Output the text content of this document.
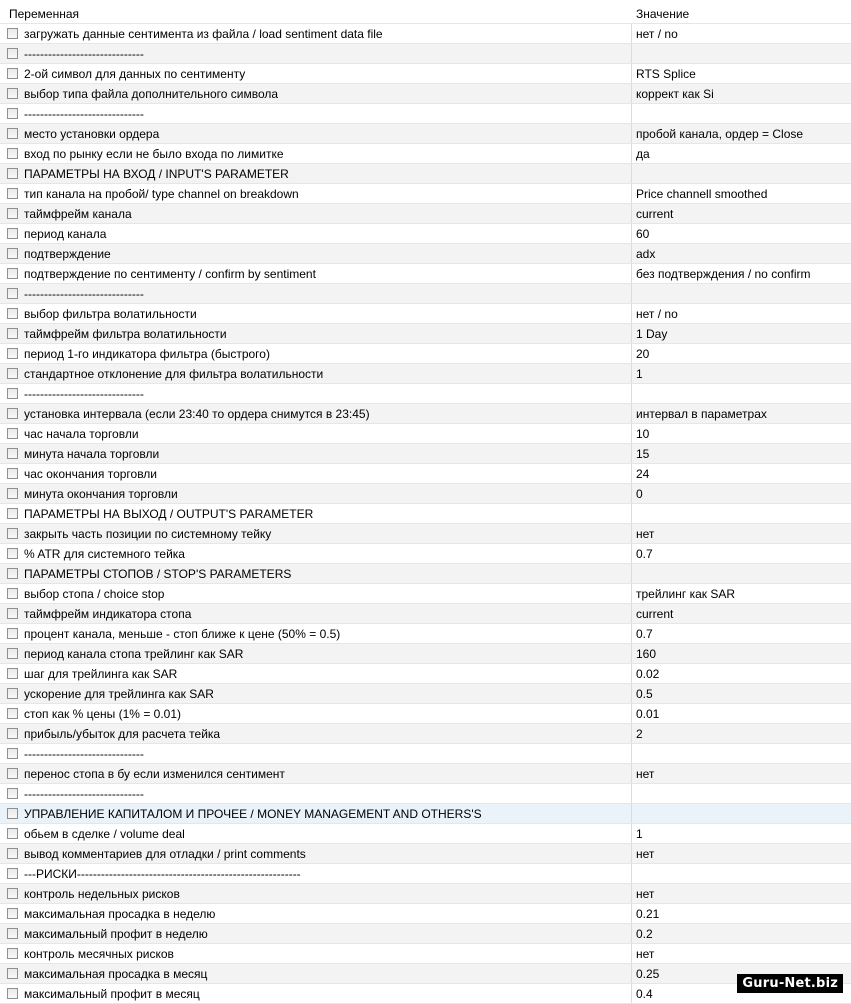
Переменная	Значение
загружать данные сентимента из файла / load sentiment data file	нет / no
------------------------------
2-ой символ для данных по сентименту	RTS Splice
выбор типа файла дополнительного символа	коррект как Si
------------------------------
место установки ордера	пробой канала, ордер = Close
вход по рынку если не было входа по лимитке	да
ПАРАМЕТРЫ НА ВХОД / INPUT'S PARAMETER
тип канала на пробой/ type channel on breakdown	Price channell smoothed
таймфрейм канала	current
период канала	60
подтверждение	adx
подтверждение по сентименту / confirm by sentiment	без подтверждения / no confirm
------------------------------
выбор фильтра волатильности	нет / no
таймфрейм фильтра волатильности	1 Day
период 1-го индикатора фильтра (быстрого)	20
стандартное отклонение для фильтра волатильности	1
------------------------------
установка интервала (если 23:40 то ордера снимутся в 23:45)	интервал в параметрах
час начала торговли	10
минута начала торговли	15
час окончания торговли	24
минута окончания торговли	0
ПАРАМЕТРЫ НА ВЫХОД / OUTPUT'S PARAMETER
закрыть часть позиции по системному тейку	нет
% ATR для системного тейка	0.7
ПАРАМЕТРЫ СТОПОВ / STOP'S PARAMETERS
выбор стопа / choice stop	трейлинг как SAR
таймфрейм индикатора стопа	current
процент канала, меньше - стоп ближе к цене (50% = 0.5)	0.7
период канала стопа трейлинг как SAR	160
шаг для трейлинга как SAR	0.02
ускорение для трейлинга как SAR	0.5
стоп как % цены (1% = 0.01)	0.01
прибыль/убыток для расчета тейка	2
------------------------------
перенос стопа в бу если изменился сентимент	нет
------------------------------
УПРАВЛЕНИЕ КАПИТАЛОМ И ПРОЧЕЕ / MONEY MANAGEMENT AND OTHERS'S
обьем в сделке / volume deal	1
вывод комментариев для отладки / print comments	нет
---РИСКИ--------------------------------------------------------
контроль недельных рисков	нет
максимальная просадка в неделю	0.21
максимальный профит в неделю	0.2
контроль месячных рисков	нет
максимальная просадка в месяц	0.25
максимальный профит в месяц	0.4
Guru-Net.biz
